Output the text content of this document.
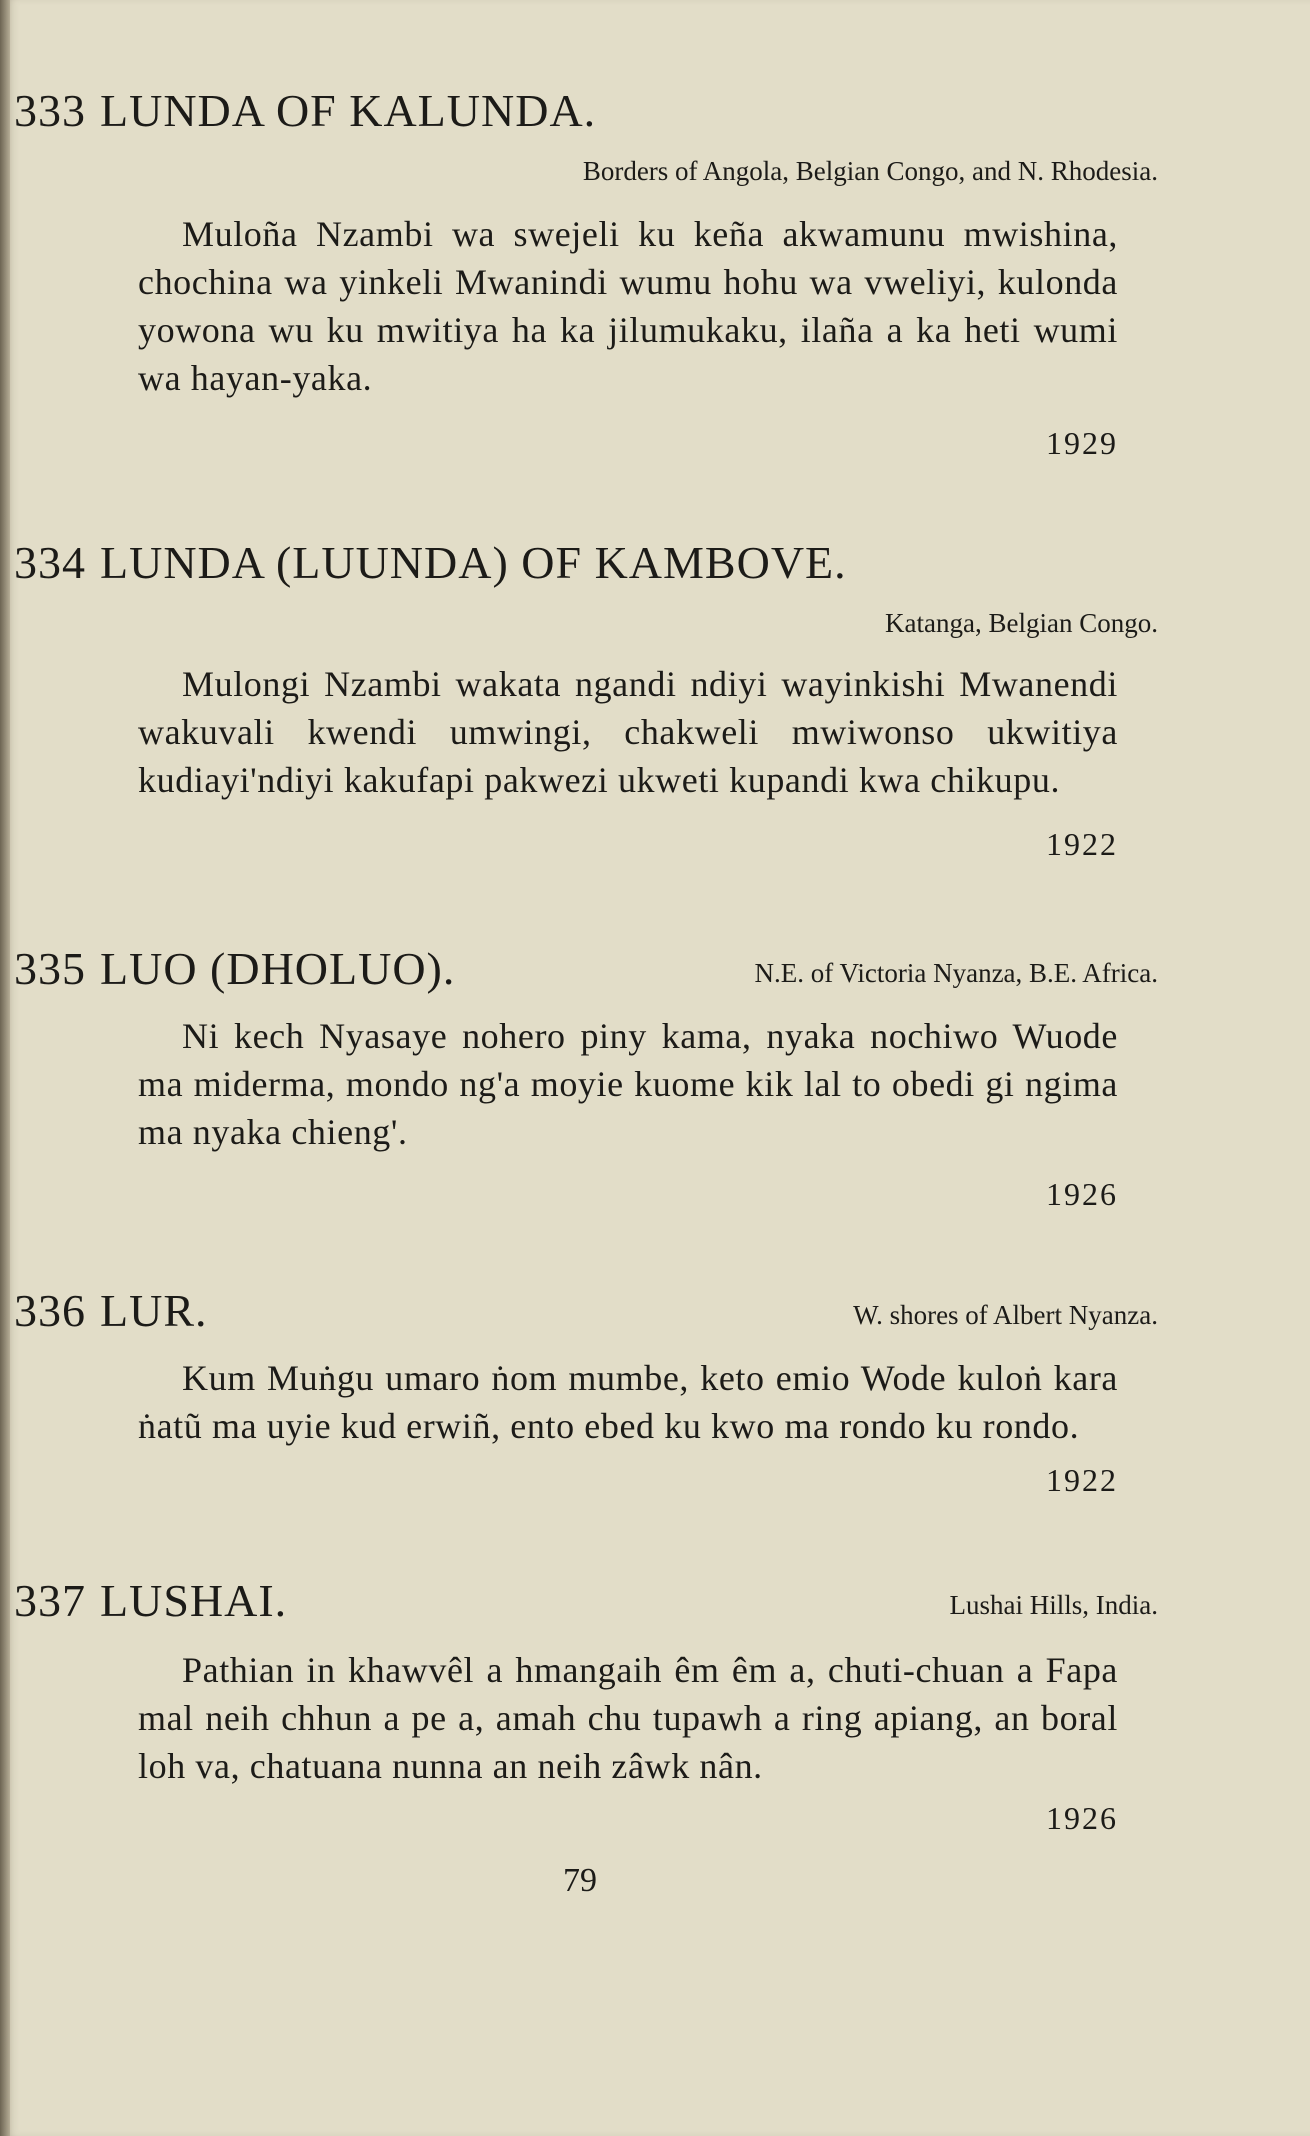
333 LUNDA OF KALUNDA.
Borders of Angola, Belgian Congo, and N. Rhodesia.
Muloña Nzambi wa swejeli ku keña akwamunu mwishina, chochina wa yinkeli Mwanindi wumu hohu wa vweliyi, kulonda yowona wu ku mwitiya ha ka jilumukaku, ilaña a ka heti wumi wa hayan-yaka.
1929
334 LUNDA (LUUNDA) OF KAMBOVE.
Katanga, Belgian Congo.
Mulongi Nzambi wakata ngandi ndiyi wayinkishi Mwanendi wakuvali kwendi umwingi, chakweli mwiwonso ukwitiya kudiayi'ndiyi kakufapi pakwezi ukweti kupandi kwa chikupu.
1922
335 LUO (DHOLUO).	N.E. of Victoria Nyanza, B.E. Africa.
Ni kech Nyasaye nohero piny kama, nyaka nochiwo Wuode ma miderma, mondo ng'a moyie kuome kik lal to obedi gi ngima ma nyaka chieng'.
1926
336 LUR.	W. shores of Albert Nyanza.
Kum Muṅgu umaro ṅom mumbe, keto emio Wode kuloṅ kara ṅatũ ma uyie kud erwiñ, ento ebed ku kwo ma rondo ku rondo.
1922
337 LUSHAI.	Lushai Hills, India.
Pathian in khawvêl a hmangaih êm êm a, chuti-chuan a Fapa mal neih chhun a pe a, amah chu tupawh a ring apiang, an boral loh va, chatuana nunna an neih zâwk nân.
1926
79
